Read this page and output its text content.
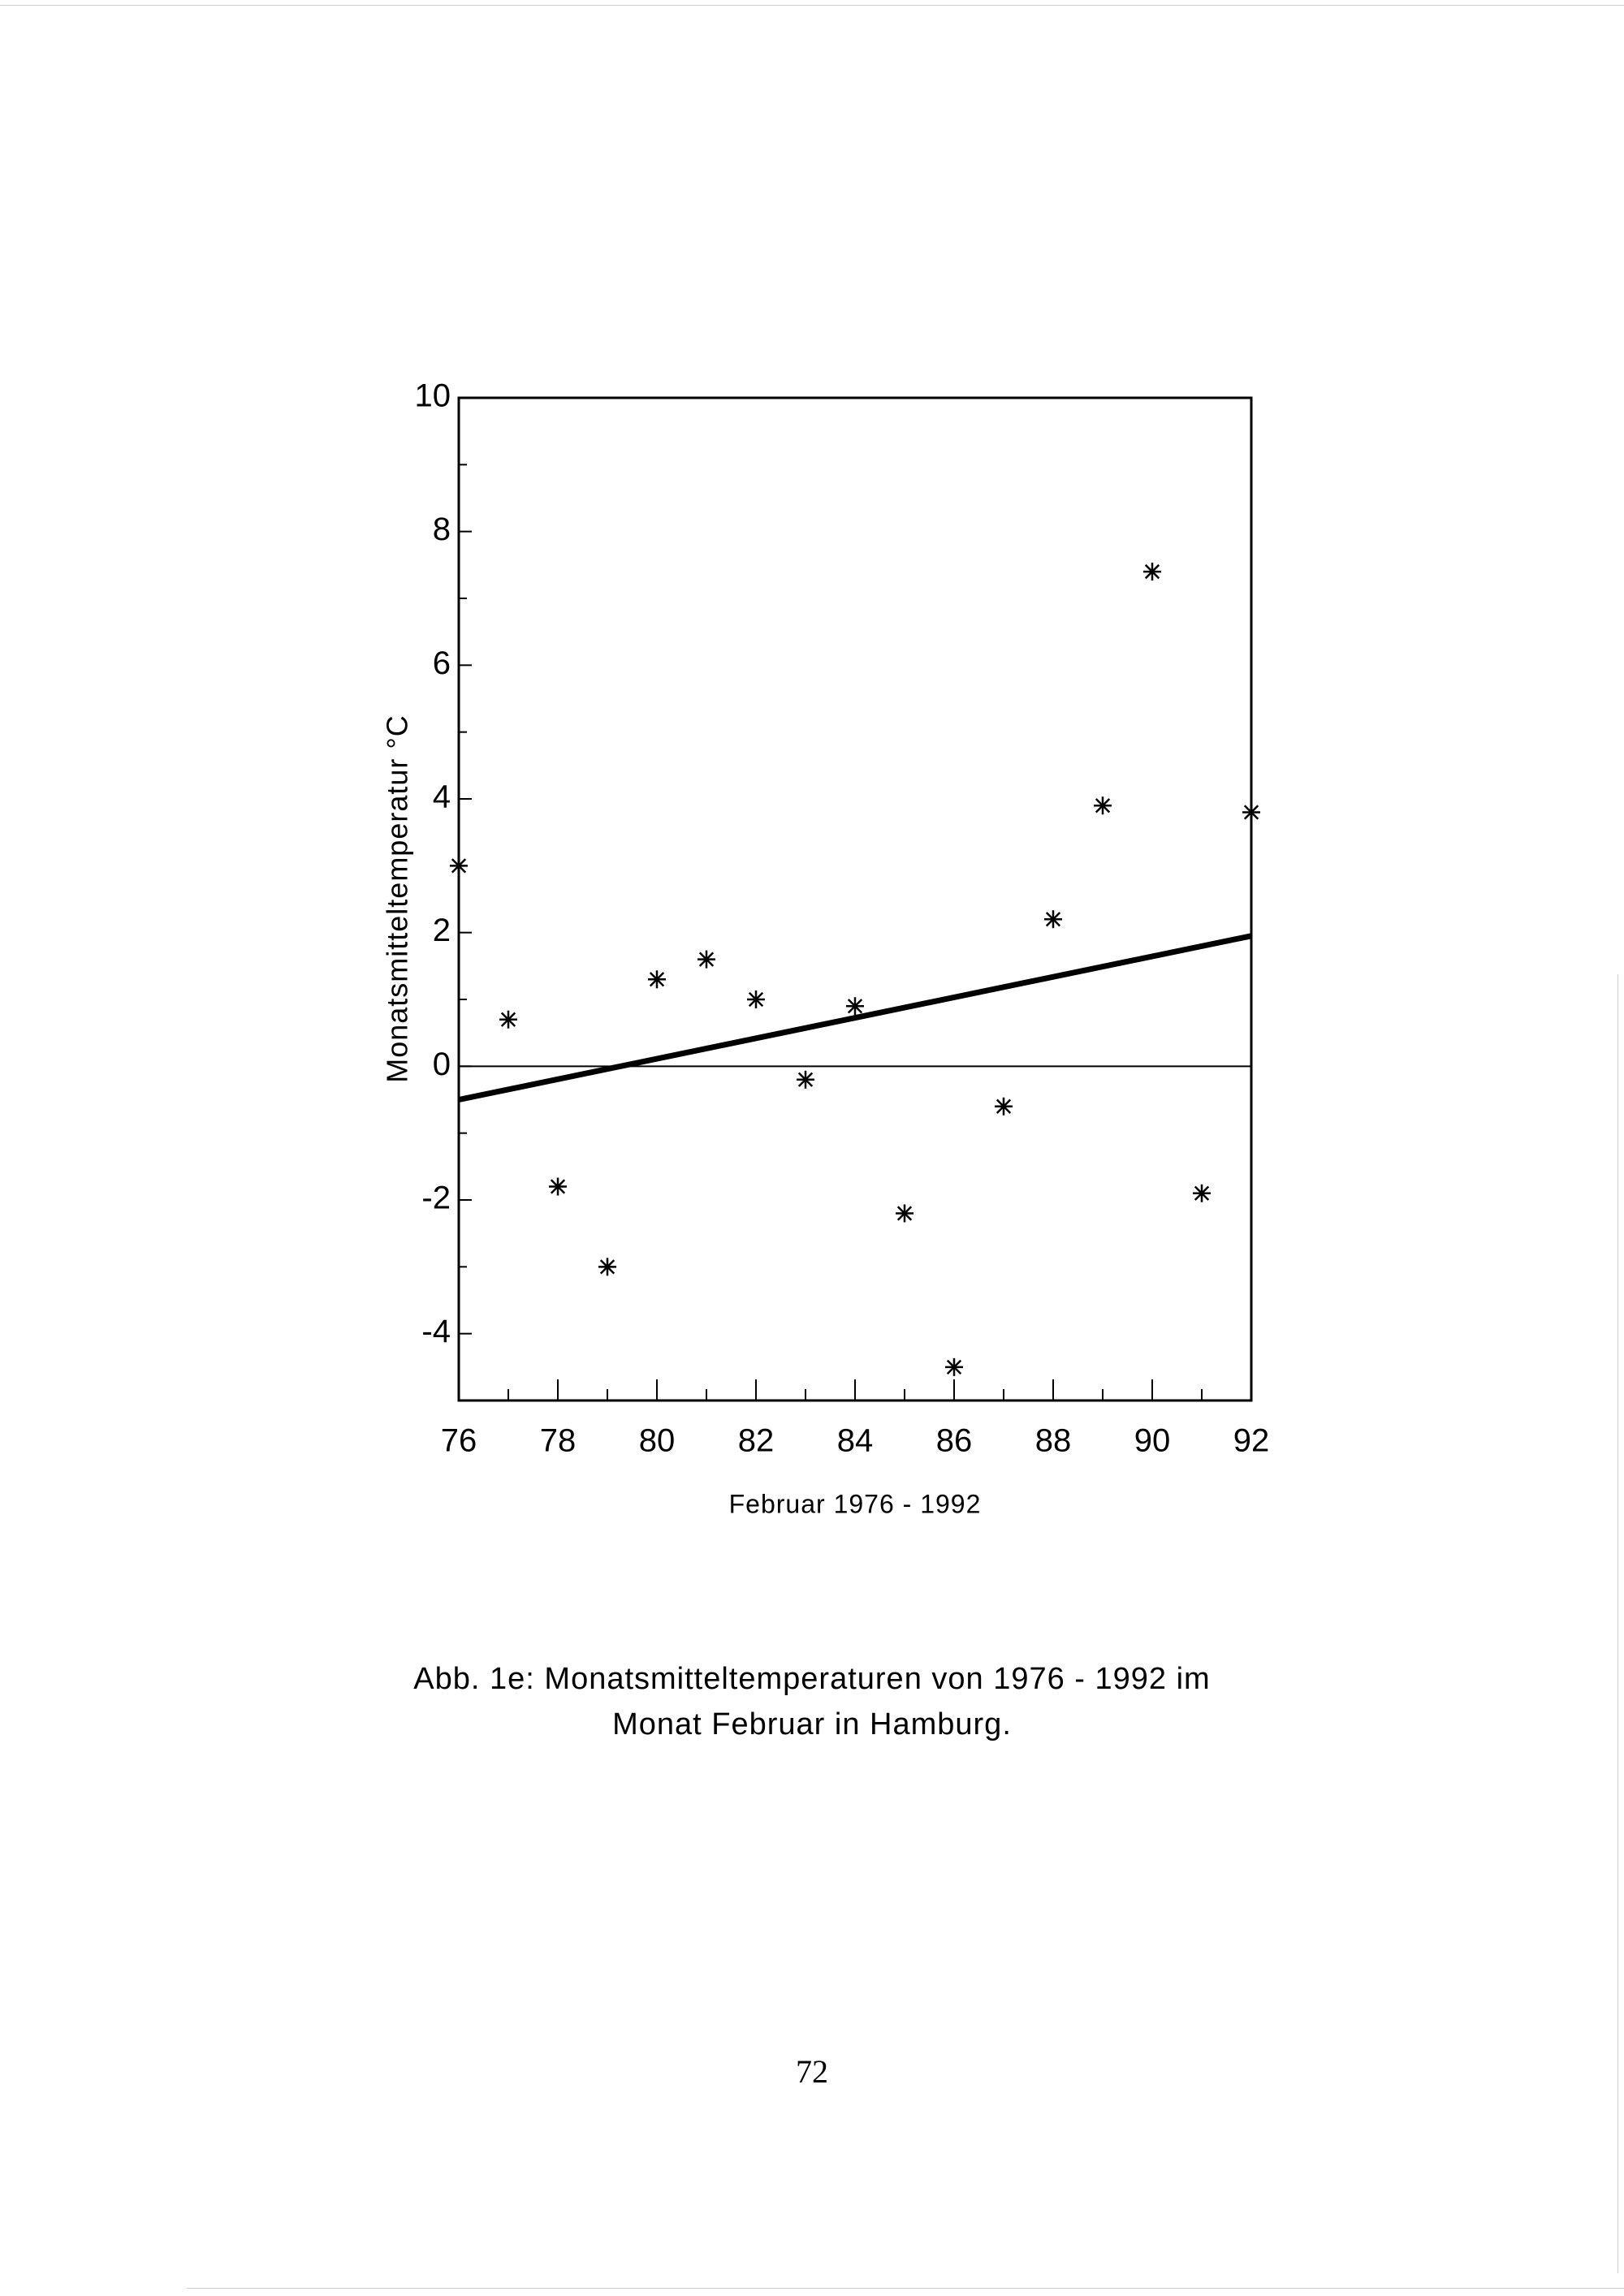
10
8
6
4
2
0
-2
-4
76 78 80 82 84 86 88 90 92
Monatsmitteltemperatur °C
Februar 1976 - 1992
Abb. 1e: Monatsmitteltemperaturen von 1976 - 1992 im
Monat Februar in Hamburg.
72
